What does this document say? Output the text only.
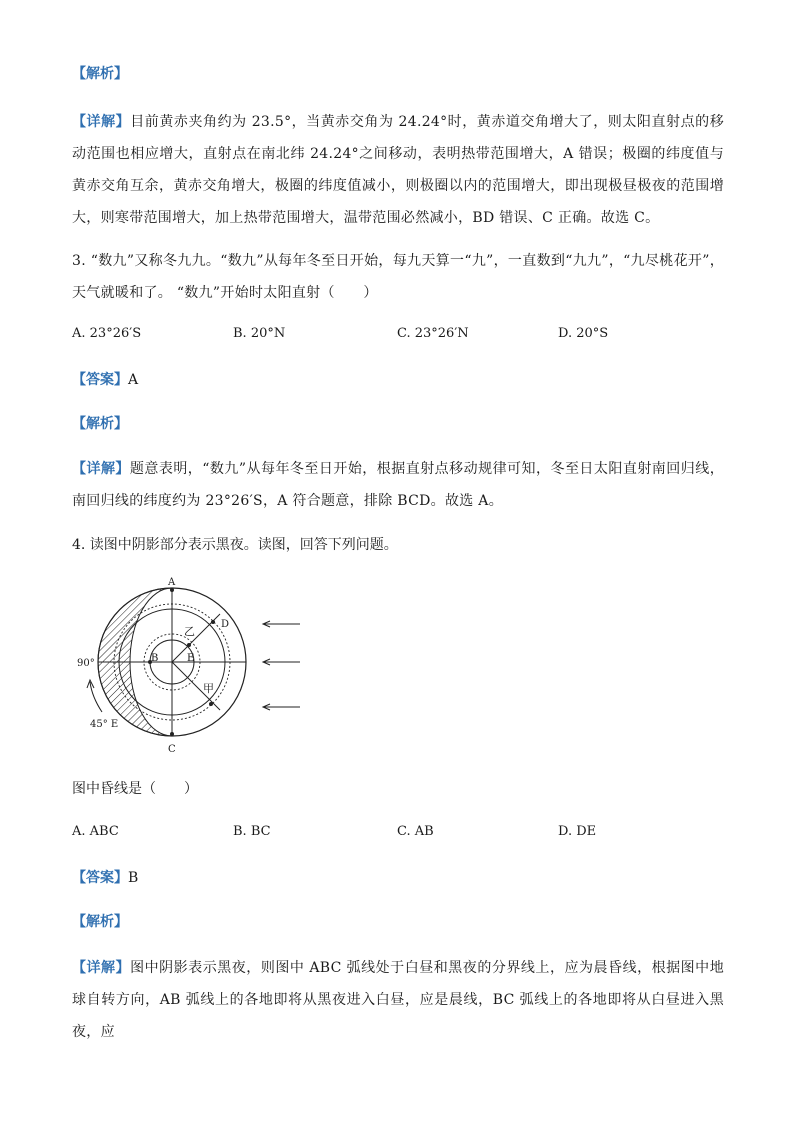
【解析】
【详解】目前黄赤夹角约为 23.5°，当黄赤交角为 24.24°时，黄赤道交角增大了，则太阳直射点的移动范围也相应增大，直射点在南北纬 24.24°之间移动，表明热带范围增大，A 错误；极圈的纬度值与黄赤交角互余，黄赤交角增大，极圈的纬度值减小，则极圈以内的范围增大，即出现极昼极夜的范围增大，则寒带范围增大，加上热带范围增大，温带范围必然减小，BD 错误、C 正确。故选 C。
3. “数九”又称冬九九。“数九”从每年冬至日开始，每九天算一“九”，一直数到“九九”，“九尽桃花开”，天气就暖和了。 “数九”开始时太阳直射（　　）
A. 23°26′S	B. 20°N	C. 23°26′N	D. 20°S
【答案】A
【解析】
【详解】题意表明，“数九”从每年冬至日开始，根据直射点移动规律可知，冬至日太阳直射南回归线，南回归线的纬度约为 23°26′S，A 符合题意，排除 BCD。故选 A。
4. 读图中阴影部分表示黑夜。读图，回答下列问题。
A
C
B
D
E
乙
甲
90°
45° E
图中昏线是（　　）
A. ABC	B. BC	C. AB	D. DE
【答案】B
【解析】
【详解】图中阴影表示黑夜，则图中 ABC 弧线处于白昼和黑夜的分界线上，应为晨昏线，根据图中地球自转方向，AB 弧线上的各地即将从黑夜进入白昼，应是晨线，BC 弧线上的各地即将从白昼进入黑夜，应
